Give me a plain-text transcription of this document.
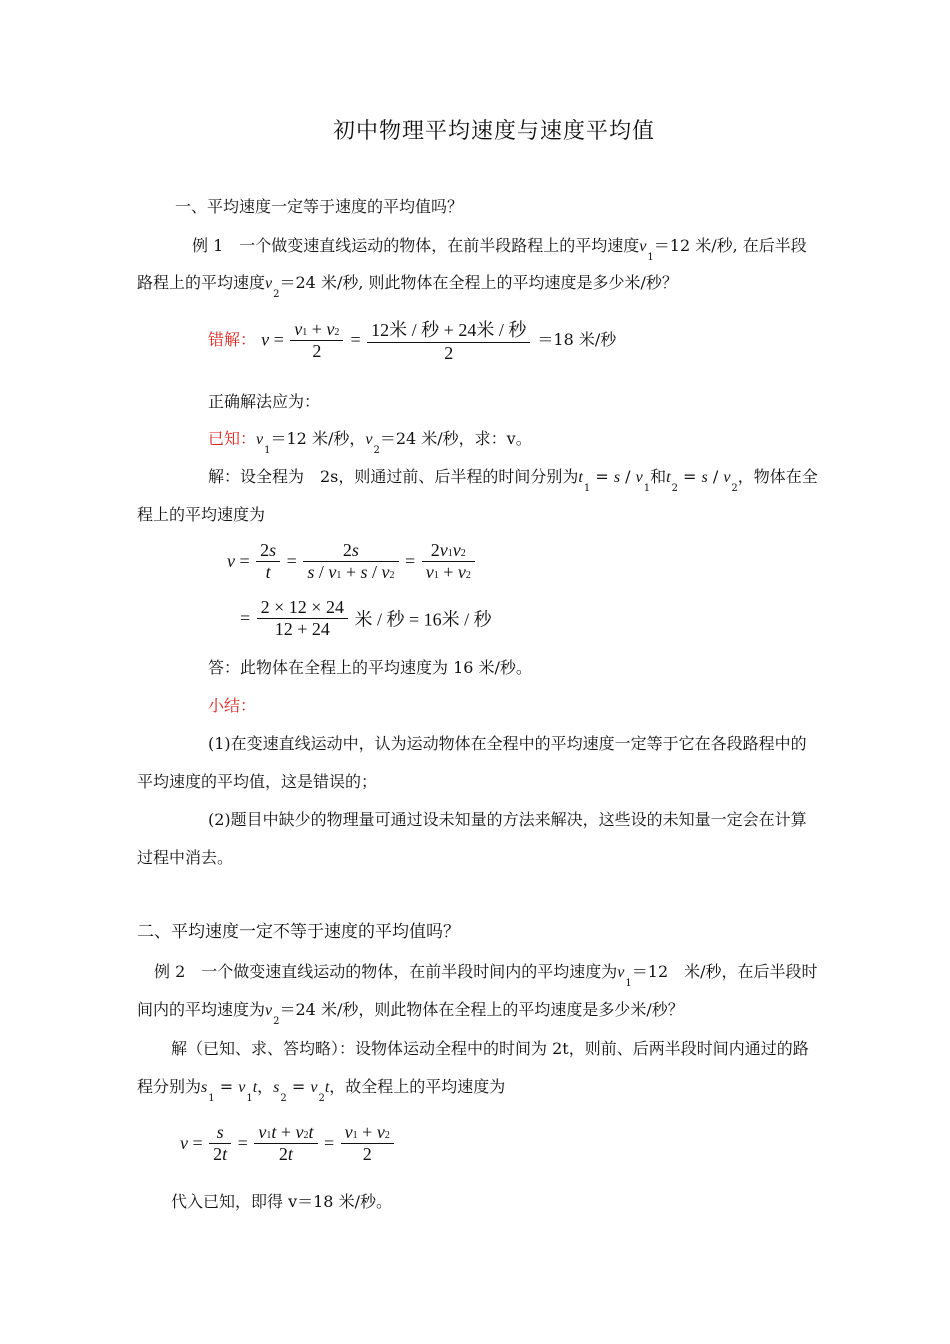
初中物理平均速度与速度平均值
一、平均速度一定等于速度的平均值吗？
例 1　一个做变速直线运动的物体，在前半段路程上的平均速度$v_1=12$ 米/秒, 在后半段
路程上的平均速度$v_2=24$ 米/秒, 则此物体在全程上的平均速度是多少米/秒？
错解： $v = \frac{v1 + v2}{2} = \frac{\text{12米 / 秒 + 24米 / 秒}}{2} =18$ 米/秒
正确解法应为：
已知：$v_1=12$ 米/秒，$v_2=24$ 米/秒，求：v。
解：设全程为　2s，则通过前、后半程的时间分别为$t_1 = s / v_1$和$t_2 = s / v_2$，物体在全
程上的平均速度为
$v = \frac{2s}{t} = \frac{2s}{s / v1 + s / v2} = \frac{2v1v2}{v1 + v2}$
= $\frac{2 \times 12 \times 24}{12 + 24}$ 米 / 秒 = 16米 / 秒
答：此物体在全程上的平均速度为 16 米/秒。
小结：
(1)在变速直线运动中，认为运动物体在全程中的平均速度一定等于它在各段路程中的
平均速度的平均值，这是错误的；
(2)题目中缺少的物理量可通过设未知量的方法来解决，这些设的未知量一定会在计算
过程中消去。
二、平均速度一定不等于速度的平均值吗？
例 2　一个做变速直线运动的物体，在前半段时间内的平均速度为$v_1=12$　米/秒，在后半段时
间内的平均速度为$v_2=24$ 米/秒，则此物体在全程上的平均速度是多少米/秒？
解（已知、求、答均略）：设物体运动全程中的时间为 2t，则前、后两半段时间内通过的路
程分别为$s_1 = v_1t$，$s_2 = v_2t$，故全程上的平均速度为
$v = \frac{s}{2t} = \frac{v1t + v2t}{2t} = \frac{v1 + v2}{2}$
代入已知，即得 v＝18 米/秒。
